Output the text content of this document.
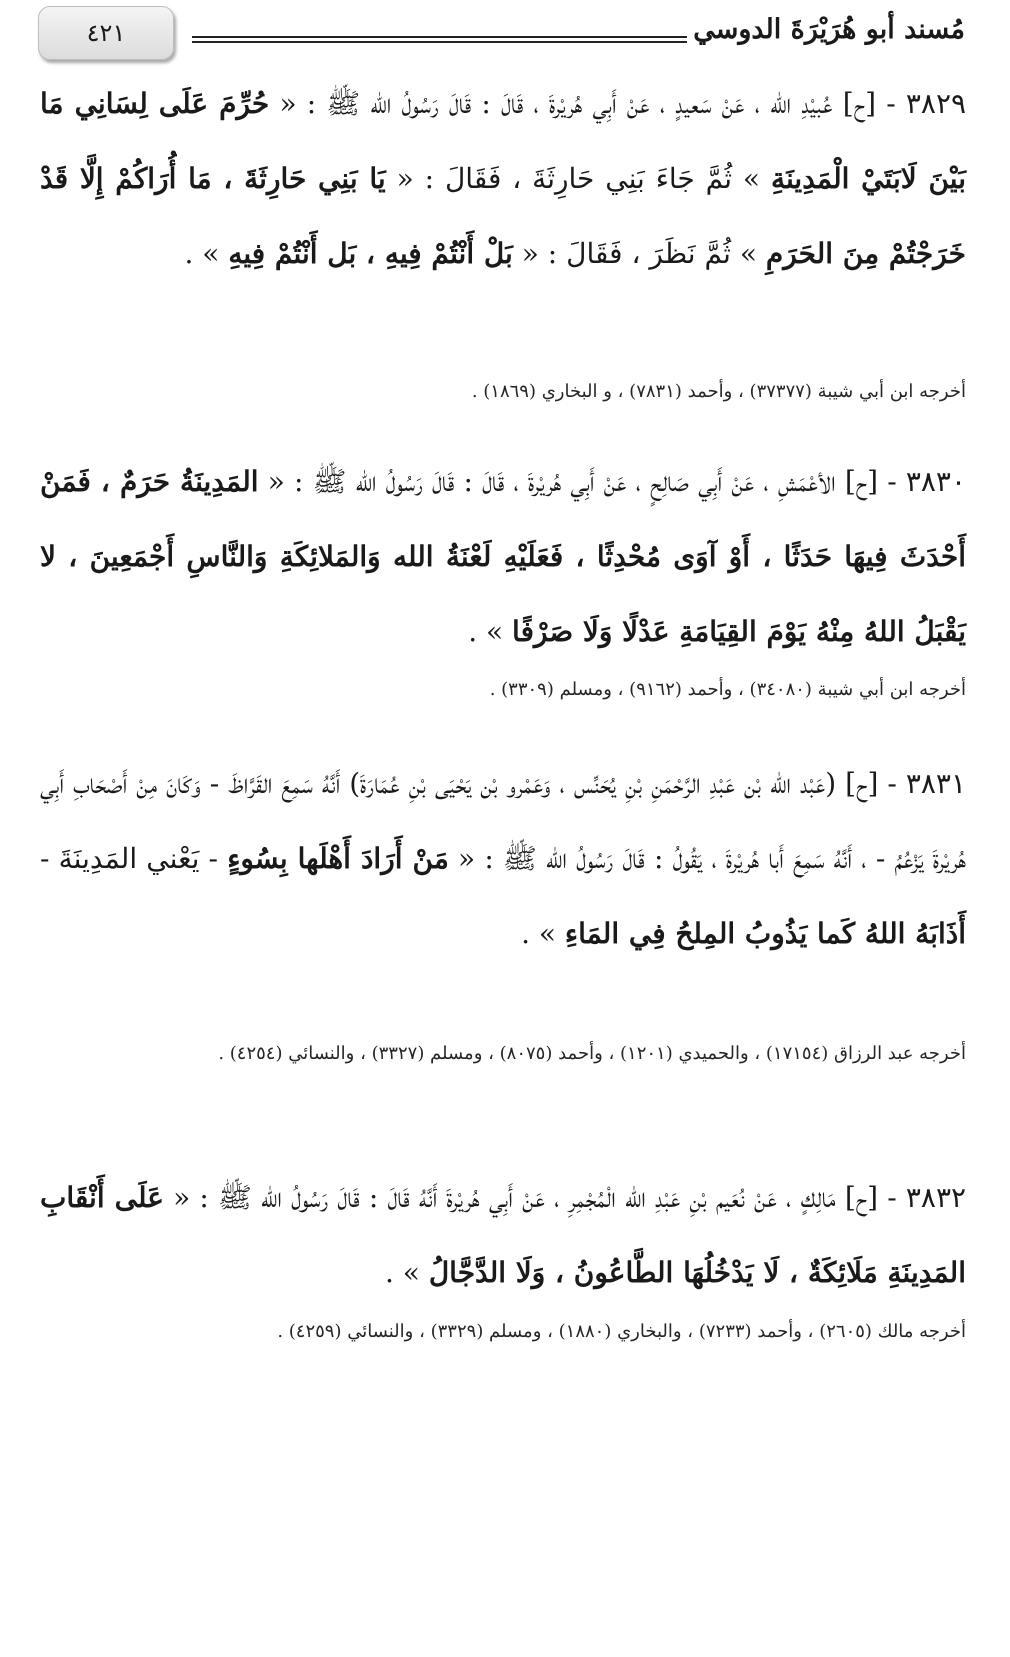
٤٢١	مُسند أبو هُرَيْرَةَ الدوسي

٣٨٢٩ - [ح] عُبيْدِ الله ، عَنْ سَعيدٍ ، عَنْ أَبِي هُريْرةَ ، قَالَ : قَالَ رَسُولُ الله ﷺ : « حُرِّمَ عَلَى لِسَانِي مَا بَيْنَ لَابَتَيْ الْمَدِينَةِ » ثُمَّ جَاءَ بَنِي حَارِثَةَ ، فَقَالَ : « يَا بَنِي حَارِثَةَ ، مَا أُرَاكُمْ إِلَّا قَدْ خَرَجْتُمْ مِنَ الحَرَمِ » ثُمَّ نَظَرَ ، فَقَالَ : « بَلْ أَنْتُمْ فِيهِ ، بَل أَنْتُمْ فِيهِ » .

أخرجه ابن أبي شيبة (٣٧٣٧٧) ، وأحمد (٧٨٣١) ، و البخاري (١٨٦٩) .

٣٨٣٠ - [ح] الأعْمَشِ ، عَنْ أَبِي صَالِحٍ ، عَنْ أَبِي هُريْرةَ ، قَالَ : قَالَ رَسُولُ الله ﷺ : « المَدِينَةُ حَرَمٌ ، فَمَنْ أَحْدَثَ فِيهَا حَدَثًا ، أَوْ آوَى مُحْدِثًا ، فَعَلَيْهِ لَعْنَةُ الله وَالمَلائِكَةِ وَالنَّاسِ أَجْمَعِينَ ، لا يَقْبَلُ اللهُ مِنْهُ يَوْمَ القِيَامَةِ عَدْلًا وَلَا صَرْفًا » .

أخرجه ابن أبي شيبة (٣٤٠٨٠) ، وأحمد (٩١٦٢) ، ومسلم (٣٣٠٩) .

٣٨٣١ - [ح] (عَبْد الله بْن عَبْدِ الرَّحْمَنِ بْنِ يُحَنِّس ، وَعَمْرو بْن يَحْيَى بْنِ عُمَارَةَ) أَنَّهُ سَمِعَ القَرَّاظَ - وَكَانَ مِنْ أَصْحَابِ أَبِي هُريْرةَ يَزْعُمُ - ، أَنَّهُ سَمِعَ أَبا هُريْرةَ ، يَقُولُ : قَالَ رَسُولُ الله ﷺ : « مَنْ أَرَادَ أَهْلَها بِسُوءٍ - يَعْني المَدِينَةَ - أَذَابَهُ اللهُ كَما يَذُوبُ المِلحُ فِي المَاءِ » .

أخرجه عبد الرزاق (١٧١٥٤) ، والحميدي (١٢٠١) ، وأحمد (٨٠٧٥) ، ومسلم (٣٣٢٧) ، والنسائي (٤٢٥٤) .

٣٨٣٢ - [ح] مَالِكٍ ، عَنْ نُعَيم بْنِ عَبْدِ الله الْمُجْمِرِ ، عَنْ أَبِي هُريْرةَ أَنَّهُ قَالَ : قَالَ رَسُولُ الله ﷺ : « عَلَى أَنْقَابِ المَدِينَةِ مَلَائِكَةٌ ، لَا يَدْخُلُهَا الطَّاعُونُ ، وَلَا الدَّجَّالُ » .

أخرجه مالك (٢٦٠٥) ، وأحمد (٧٢٣٣) ، والبخاري (١٨٨٠) ، ومسلم (٣٣٢٩) ، والنسائي (٤٢٥٩) .
